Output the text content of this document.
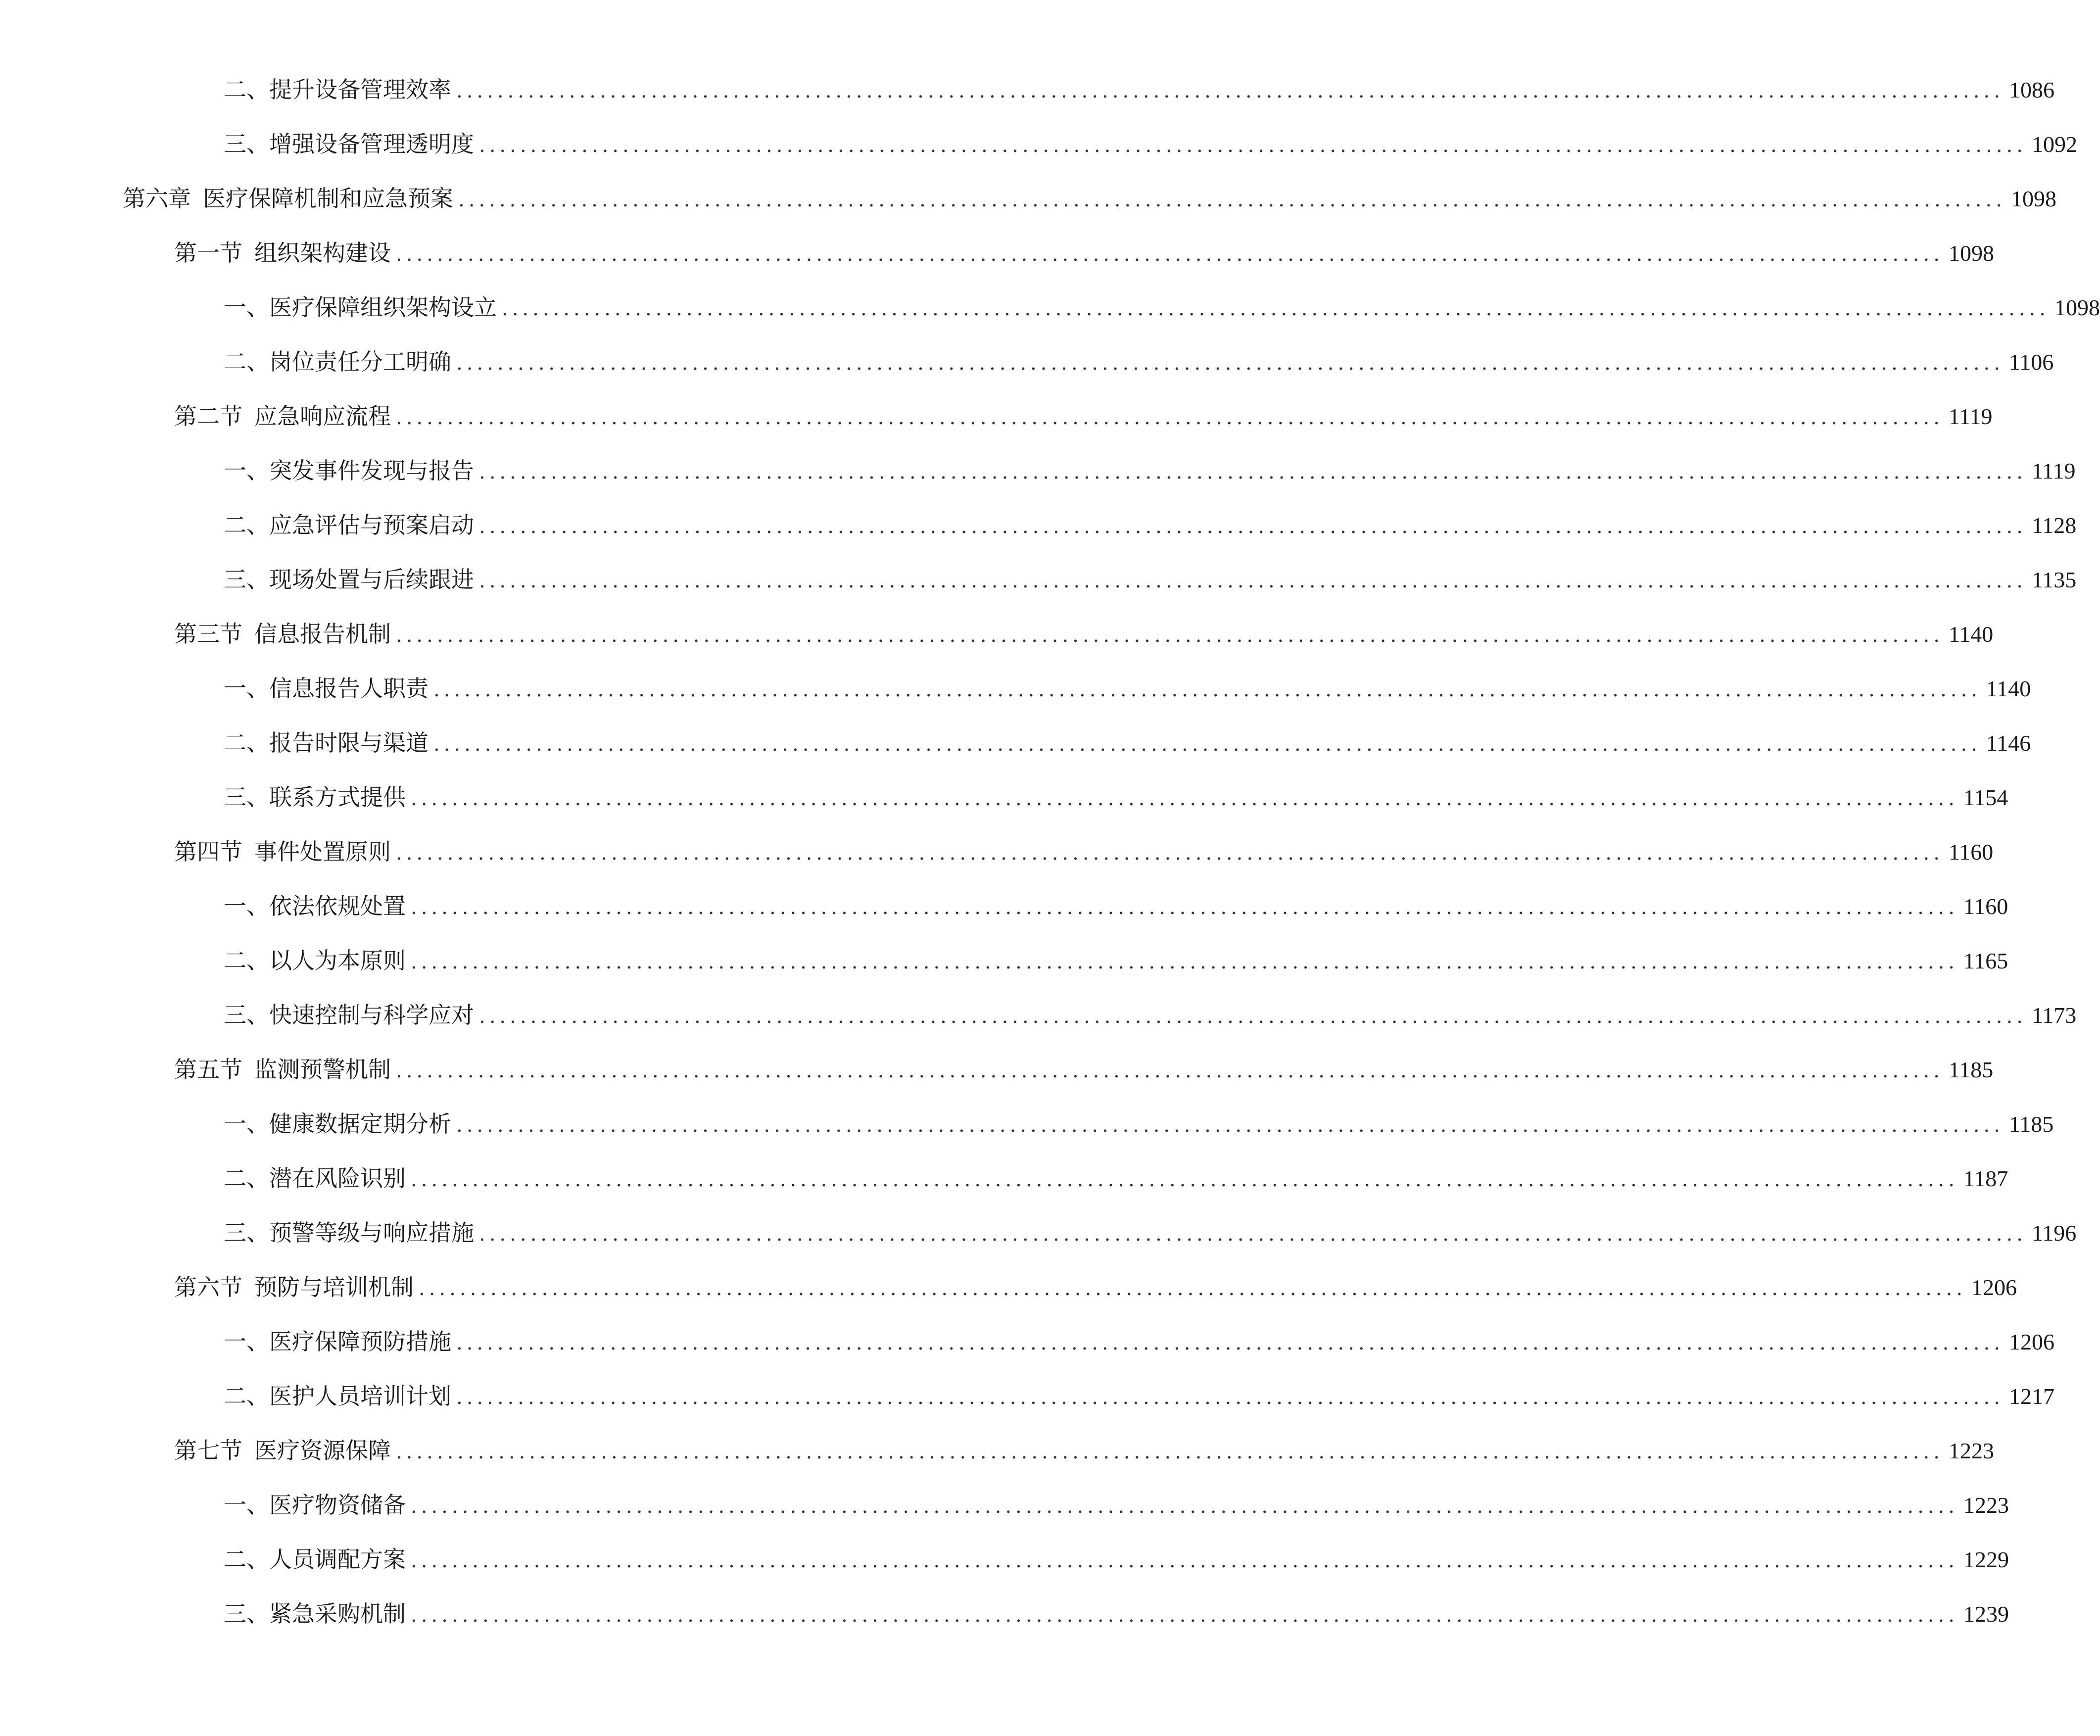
二、 提升设备管理效率 ....................................................................................................................................................... 1086
三、 增强设备管理透明度 ....................................................................................................................................................... 1092
第六章 医疗保障机制和应急预案 ....................................................................................................................................................... 1098
第一节 组织架构建设 ....................................................................................................................................................... 1098
一、 医疗保障组织架构设立 ....................................................................................................................................................... 1098
二、 岗位责任分工明确 ....................................................................................................................................................... 1106
第二节 应急响应流程 ....................................................................................................................................................... 1119
一、 突发事件发现与报告 ....................................................................................................................................................... 1119
二、 应急评估与预案启动 ....................................................................................................................................................... 1128
三、 现场处置与后续跟进 ....................................................................................................................................................... 1135
第三节 信息报告机制 ....................................................................................................................................................... 1140
一、 信息报告人职责 ....................................................................................................................................................... 1140
二、 报告时限与渠道 ....................................................................................................................................................... 1146
三、 联系方式提供 ....................................................................................................................................................... 1154
第四节 事件处置原则 ....................................................................................................................................................... 1160
一、 依法依规处置 ....................................................................................................................................................... 1160
二、 以人为本原则 ....................................................................................................................................................... 1165
三、 快速控制与科学应对 ....................................................................................................................................................... 1173
第五节 监测预警机制 ....................................................................................................................................................... 1185
一、 健康数据定期分析 ....................................................................................................................................................... 1185
二、 潜在风险识别 ....................................................................................................................................................... 1187
三、 预警等级与响应措施 ....................................................................................................................................................... 1196
第六节 预防与培训机制 ....................................................................................................................................................... 1206
一、 医疗保障预防措施 ....................................................................................................................................................... 1206
二、 医护人员培训计划 ....................................................................................................................................................... 1217
第七节 医疗资源保障 ....................................................................................................................................................... 1223
一、 医疗物资储备 ....................................................................................................................................................... 1223
二、 人员调配方案 ....................................................................................................................................................... 1229
三、 紧急采购机制 ....................................................................................................................................................... 1239
